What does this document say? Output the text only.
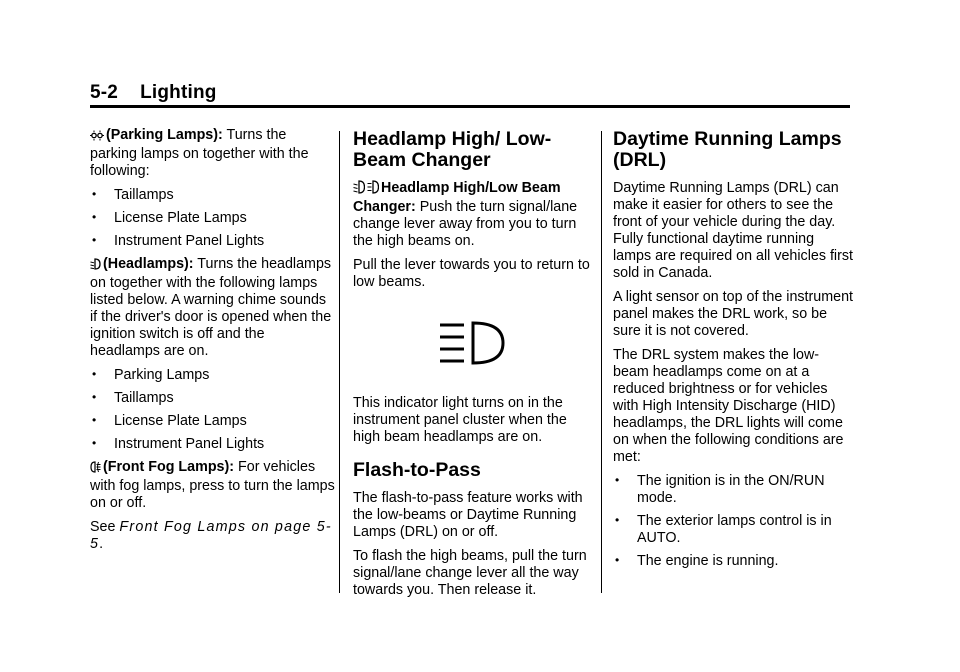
5-2 Lighting

(Parking Lamps): Turns the parking lamps on together with the following:

• Taillamps
• License Plate Lamps
• Instrument Panel Lights

(Headlamps): Turns the headlamps on together with the following lamps listed below. A warning chime sounds if the driver's door is opened when the ignition switch is off and the headlamps are on.

• Parking Lamps
• Taillamps
• License Plate Lamps
• Instrument Panel Lights

(Front Fog Lamps): For vehicles with fog lamps, press to turn the lamps on or off.

See Front Fog Lamps on page 5-5.

Headlamp High/ Low-Beam Changer

Headlamp High/Low Beam Changer: Push the turn signal/lane change lever away from you to turn the high beams on.

Pull the lever towards you to return to low beams.

This indicator light turns on in the instrument panel cluster when the high beam headlamps are on.

Flash-to-Pass

The flash-to-pass feature works with the low-beams or Daytime Running Lamps (DRL) on or off.

To flash the high beams, pull the turn signal/lane change lever all the way towards you. Then release it.

Daytime Running Lamps (DRL)

Daytime Running Lamps (DRL) can make it easier for others to see the front of your vehicle during the day. Fully functional daytime running lamps are required on all vehicles first sold in Canada.

A light sensor on top of the instrument panel makes the DRL work, so be sure it is not covered.

The DRL system makes the low-beam headlamps come on at a reduced brightness or for vehicles with High Intensity Discharge (HID) headlamps, the DRL lights will come on when the following conditions are met:

• The ignition is in the ON/RUN mode.
• The exterior lamps control is in AUTO.
• The engine is running.
